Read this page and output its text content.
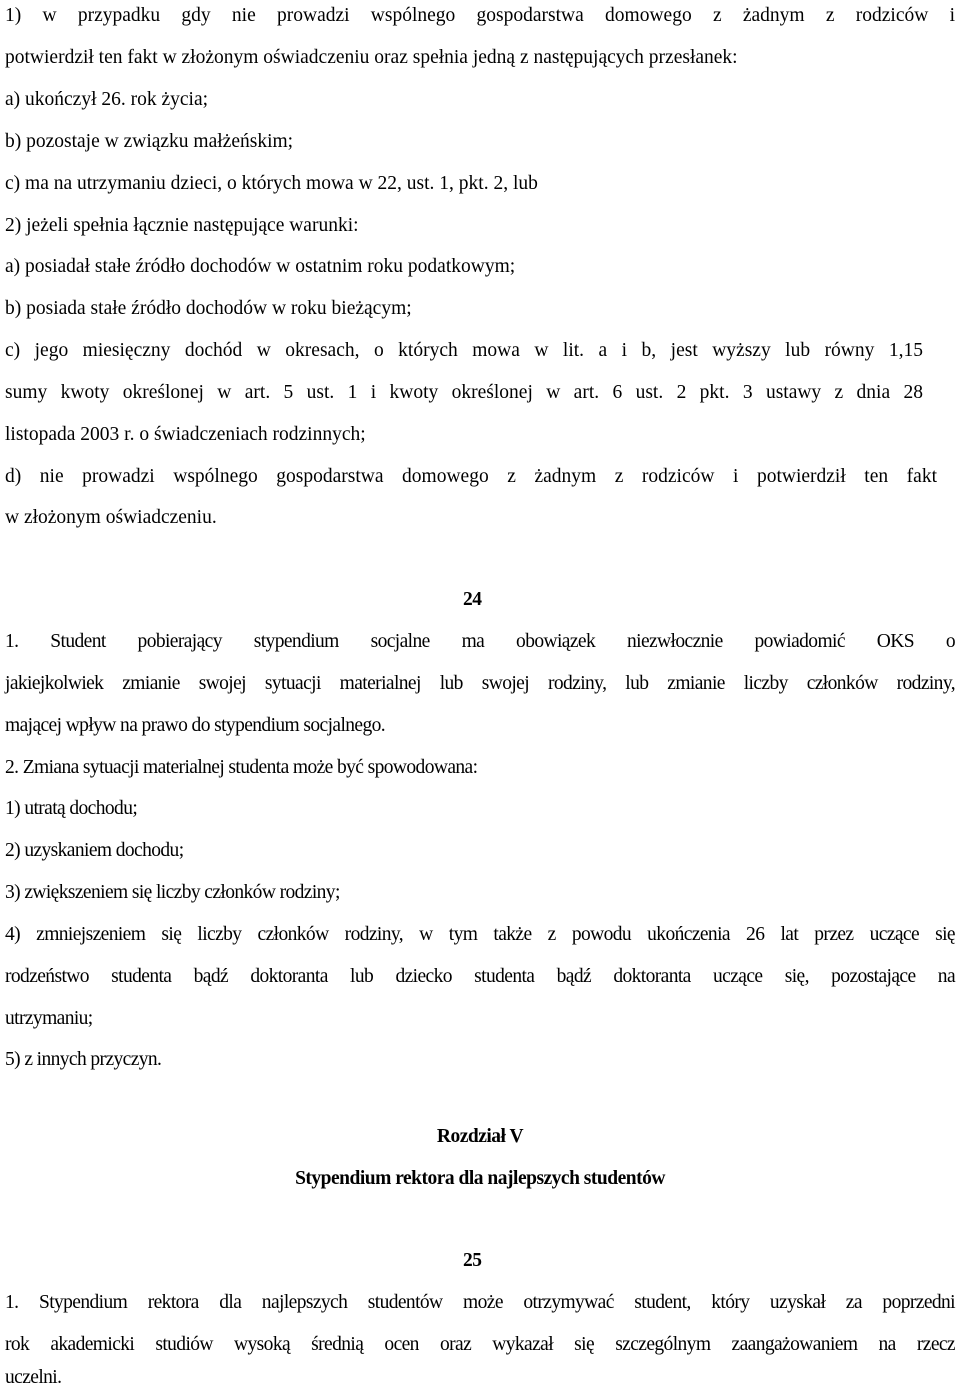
1) w przypadku gdy nie prowadzi wspólnego gospodarstwa domowego z żadnym z rodziców i
potwierdził ten fakt w złożonym oświadczeniu oraz spełnia jedną z następujących przesłanek:
a) ukończył 26. rok życia;
b) pozostaje w związku małżeńskim;
c) ma na utrzymaniu dzieci, o których mowa w 22, ust. 1, pkt. 2, lub
2) jeżeli spełnia łącznie następujące warunki:
a) posiadał stałe źródło dochodów w ostatnim roku podatkowym;
b) posiada stałe źródło dochodów w roku bieżącym;
c) jego miesięczny dochód w okresach, o których mowa w lit. a i b, jest wyższy lub równy 1,15
sumy kwoty określonej w art. 5 ust. 1 i kwoty określonej w art. 6 ust. 2 pkt. 3 ustawy z dnia 28
listopada 2003 r. o świadczeniach rodzinnych;
d) nie prowadzi wspólnego gospodarstwa domowego z żadnym z rodziców i potwierdził ten fakt
w złożonym oświadczeniu.
24
1. Student pobierający stypendium socjalne ma obowiązek niezwłocznie powiadomić OKS o
jakiejkolwiek zmianie swojej sytuacji materialnej lub swojej rodziny, lub zmianie liczby członków rodziny,
mającej wpływ na prawo do stypendium socjalnego.
2. Zmiana sytuacji materialnej studenta może być spowodowana:
1) utratą dochodu;
2) uzyskaniem dochodu;
3) zwiększeniem się liczby członków rodziny;
4) zmniejszeniem się liczby członków rodziny, w tym także z powodu ukończenia 26 lat przez uczące się
rodzeństwo studenta bądź doktoranta lub dziecko studenta bądź doktoranta uczące się, pozostające na
utrzymaniu;
5) z innych przyczyn.
Rozdział V
Stypendium rektora dla najlepszych studentów
25
1. Stypendium rektora dla najlepszych studentów może otrzymywać student, który uzyskał za poprzedni
rok akademicki studiów wysoką średnią ocen oraz wykazał się szczególnym zaangażowaniem na rzecz
uczelni.
